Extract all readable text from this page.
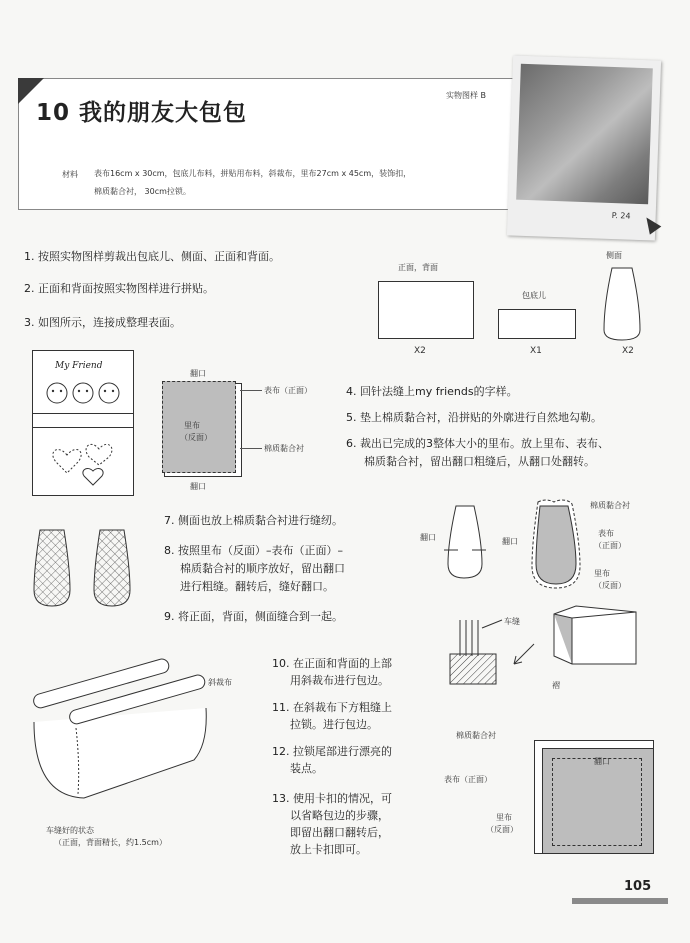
10 我的朋友大包包
实物图样 B
材料 表布16cm x 30cm，包底儿布料，拼贴用布料，斜裁布，里布27cm x 45cm，装饰扣，
棉质黏合衬， 30cm拉锁。
P. 24
1. 按照实物图样剪裁出包底儿、侧面、正面和背面。
2. 正面和背面按照实物图样进行拼贴。
3. 如图所示，连接成整理表面。
正面，背面
侧面
包底儿
X2	X1	X2
My Friend
翻口
里布
（反面）
表布（正面）
棉质黏合衬
翻口
4. 回针法缝上my friends的字样。
5. 垫上棉质黏合衬，沿拼贴的外廓进行自然地勾勒。
6. 裁出已完成的3整体大小的里布。放上里布、表布、
棉质黏合衬，留出翻口粗缝后，从翻口处翻转。
7. 侧面也放上棉质黏合衬进行缝纫。
8. 按照里布（反面）–表布（正面）–
棉质黏合衬的顺序放好，留出翻口
进行粗缝。翻转后，缝好翻口。
9. 将正面，背面，侧面缝合到一起。
翻口	翻口
棉质黏合衬
表布
（正面）
里布
（反面）
车缝
褶
斜裁布
车缝好的状态
（正面，背面精长，约1.5cm）
10. 在正面和背面的上部
用斜裁布进行包边。
11. 在斜裁布下方粗缝上
拉锁。进行包边。
12. 拉锁尾部进行漂亮的
装点。
13. 使用卡扣的情况，可
以省略包边的步骤，
即留出翻口翻转后，
放上卡扣即可。
棉质黏合衬
翻口
表布（正面）
里布
（反面）
105
